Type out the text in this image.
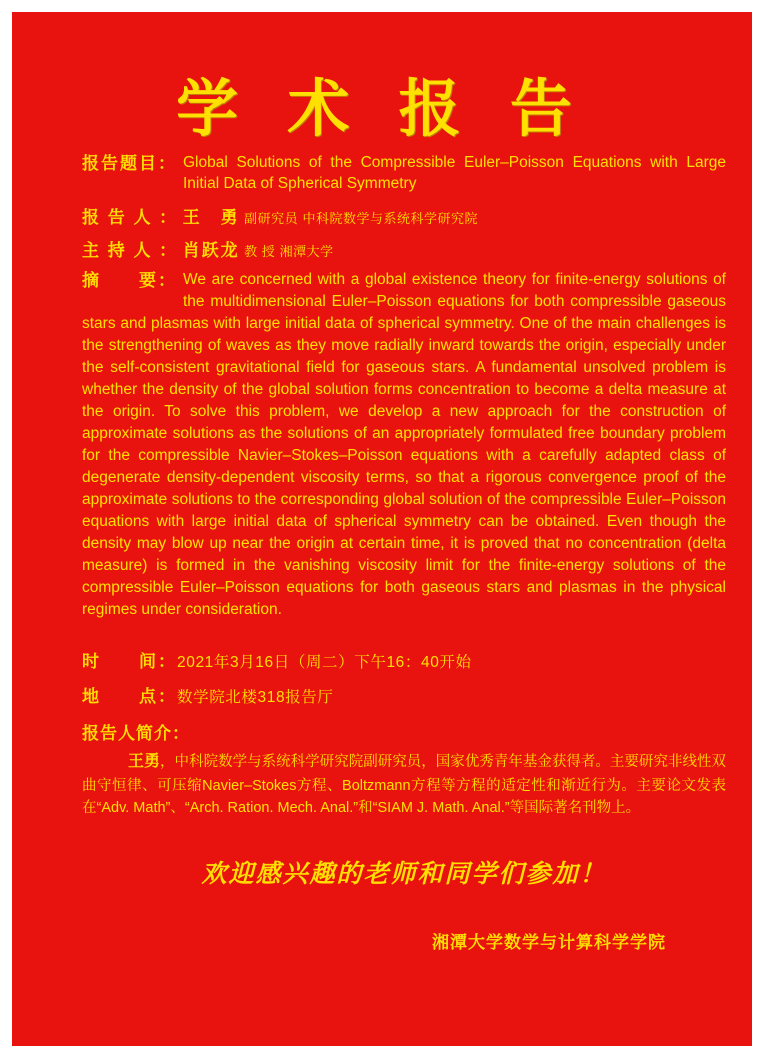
学 术 报 告
报告题目： Global Solutions of the Compressible Euler–Poisson Equations with Large Initial Data of Spherical Symmetry
报 告 人 ： 王　勇 副研究员 中科院数学与系统科学研究院
主 持 人 ： 肖跃龙 教 授 湘潭大学
摘　　要： We are concerned with a global existence theory for finite-energy solutions of the multidimensional Euler–Poisson equations for both compressible gaseous stars and plasmas with large initial data of spherical symmetry. One of the main challenges is the strengthening of waves as they move radially inward towards the origin, especially under the self-consistent gravitational field for gaseous stars. A fundamental unsolved problem is whether the density of the global solution forms concentration to become a delta measure at the origin. To solve this problem, we develop a new approach for the construction of approximate solutions as the solutions of an appropriately formulated free boundary problem for the compressible Navier–Stokes–Poisson equations with a carefully adapted class of degenerate density-dependent viscosity terms, so that a rigorous convergence proof of the approximate solutions to the corresponding global solution of the compressible Euler–Poisson equations with large initial data of spherical symmetry can be obtained. Even though the density may blow up near the origin at certain time, it is proved that no concentration (delta measure) is formed in the vanishing viscosity limit for the finite-energy solutions of the compressible Euler–Poisson equations for both gaseous stars and plasmas in the physical regimes under consideration.
时　　间： 2021年3月16日（周二）下午16：40开始
地　　点： 数学院北楼318报告厅
报告人简介：
王勇，中科院数学与系统科学研究院副研究员，国家优秀青年基金获得者。主要研究非线性双曲守恒律、可压缩Navier–Stokes方程、Boltzmann方程等方程的适定性和渐近行为。主要论文发表在“Adv. Math”、“Arch. Ration. Mech. Anal.”和“SIAM J. Math. Anal.”等国际著名刊物上。
欢迎感兴趣的老师和同学们参加！
湘潭大学数学与计算科学学院
